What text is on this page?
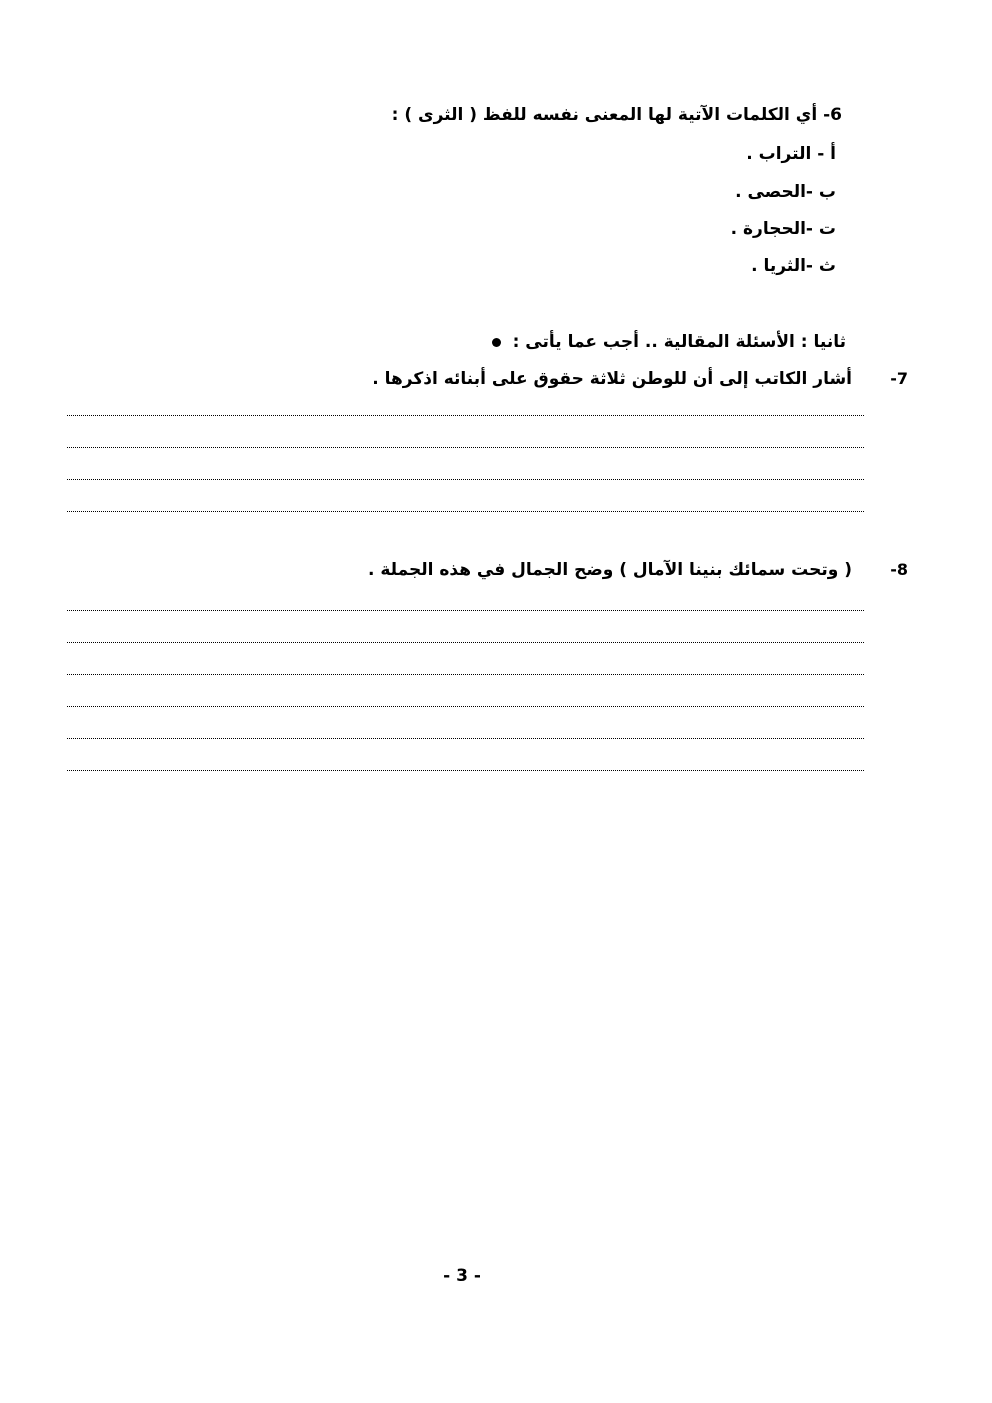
6- أي الكلمات الآتية لها المعنى نفسه للفظ ( الثرى ) :
أ - التراب .
ب -الحصى .
ت -الحجارة .
ث -الثريا .
ثانيا : الأسئلة المقالية .. أجب عما يأتى :
-7
أشار الكاتب إلى أن للوطن ثلاثة حقوق على أبنائه اذكرها .
-8
( وتحت سمائك بنينا الآمال ) وضح الجمال في هذه الجملة .
- 3 -
